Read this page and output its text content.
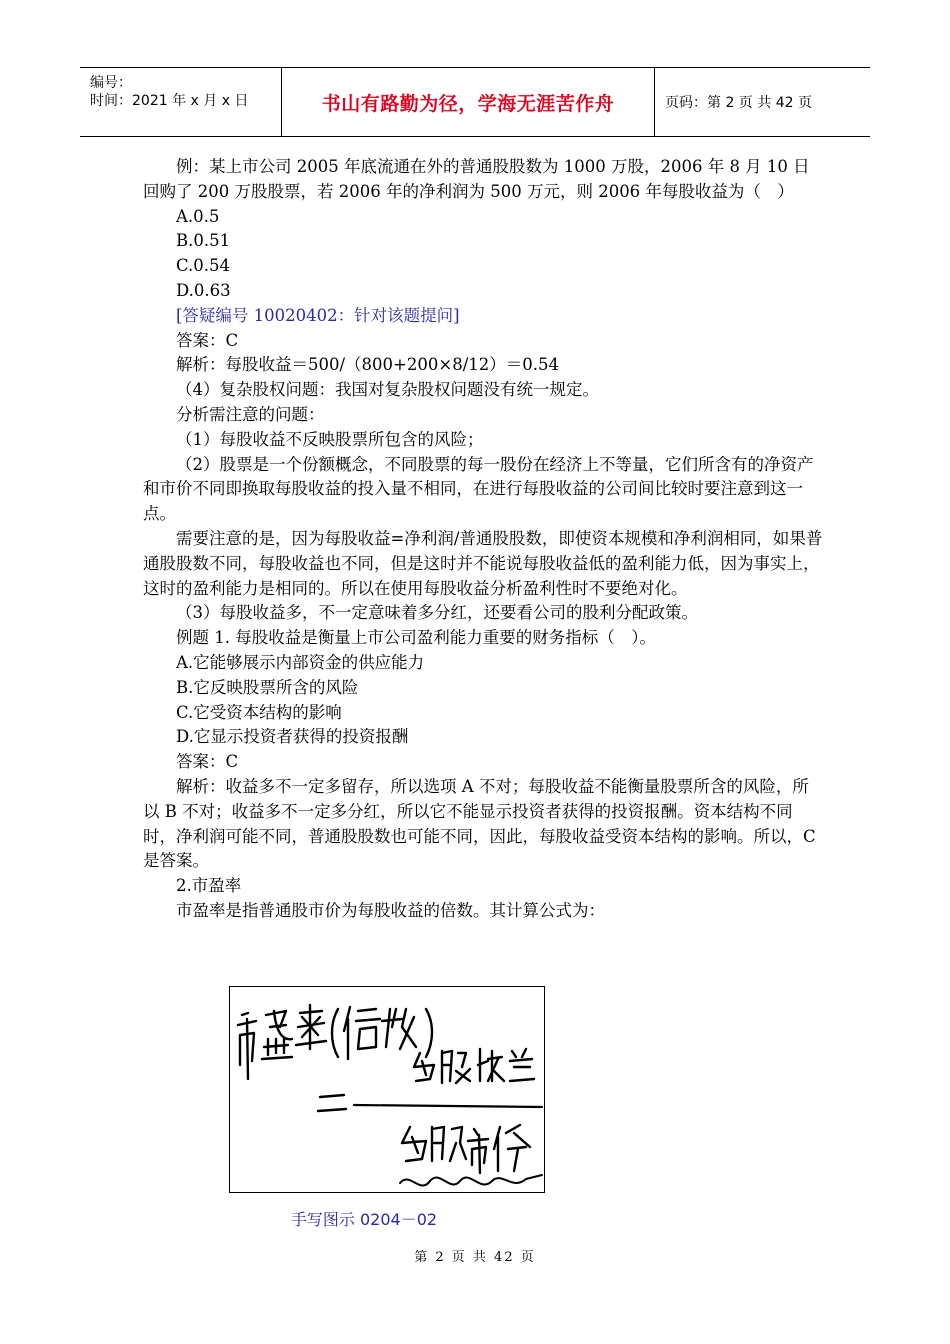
编号：
时间：2021 年 x 月 x 日	书山有路勤为径，学海无涯苦作舟	页码：第 2 页 共 42 页

例：某上市公司 2005 年底流通在外的普通股股数为 1000 万股，2006 年 8 月 10 日回购了 200 万股股票，若 2006 年的净利润为 500 万元，则 2006 年每股收益为（　）

A.0.5

B.0.51

C.0.54

D.0.63

[答疑编号 10020402：针对该题提问]

答案：C

解析：每股收益＝500/（800+200×8/12）＝0.54

（4）复杂股权问题：我国对复杂股权问题没有统一规定。

分析需注意的问题：

（1）每股收益不反映股票所包含的风险；

（2）股票是一个份额概念，不同股票的每一股份在经济上不等量，它们所含有的净资产和市价不同即换取每股收益的投入量不相同，在进行每股收益的公司间比较时要注意到这一点。

需要注意的是，因为每股收益=净利润/普通股股数，即使资本规模和净利润相同，如果普通股股数不同，每股收益也不同，但是这时并不能说每股收益低的盈利能力低，因为事实上，这时的盈利能力是相同的。所以在使用每股收益分析盈利性时不要绝对化。

（3）每股收益多，不一定意味着多分红，还要看公司的股利分配政策。

例题 1. 每股收益是衡量上市公司盈利能力重要的财务指标（　）。

A.它能够展示内部资金的供应能力

B.它反映股票所含的风险

C.它受资本结构的影响

D.它显示投资者获得的投资报酬

答案：C

解析：收益多不一定多留存，所以选项 A 不对；每股收益不能衡量股票所含的风险，所以 B 不对；收益多不一定多分红，所以它不能显示投资者获得的投资报酬。资本结构不同时，净利润可能不同，普通股股数也可能不同，因此，每股收益受资本结构的影响。所以，C 是答案。

2.市盈率

市盈率是指普通股市价为每股收益的倍数。其计算公式为：

手写图示 0204－02
第 2 页 共 42 页
